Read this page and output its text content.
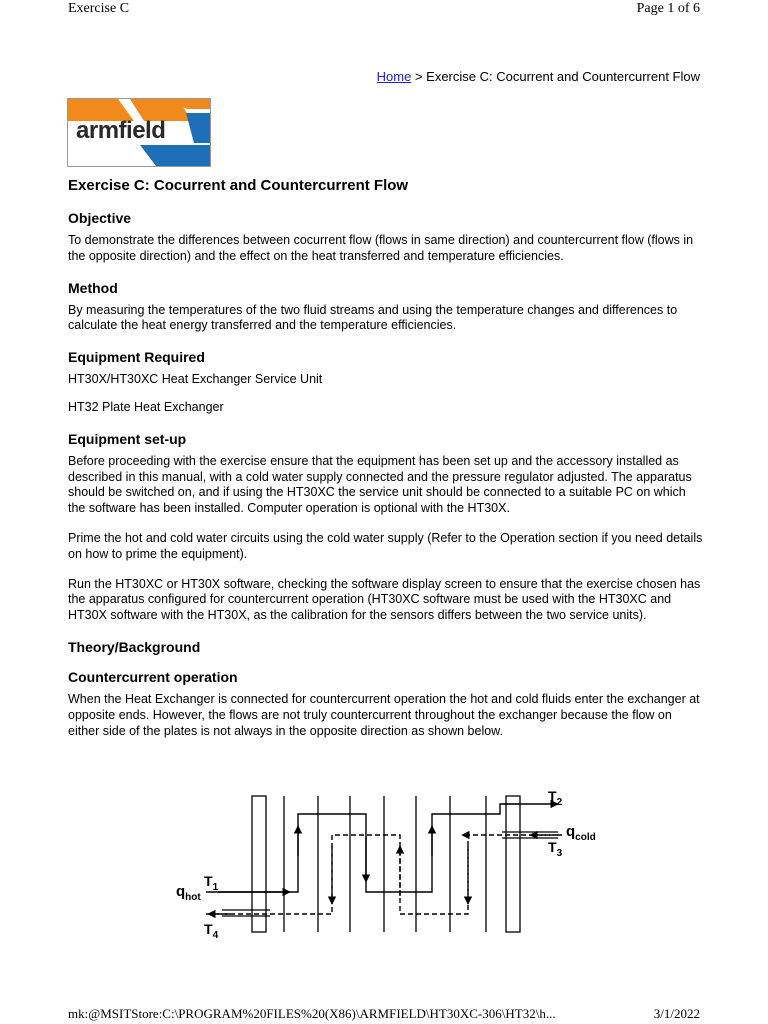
Exercise C	Page 1 of 6
Home > Exercise C: Cocurrent and Countercurrent Flow
armfield
Exercise C: Cocurrent and Countercurrent Flow
Objective

To demonstrate the differences between cocurrent flow (flows in same direction) and countercurrent flow (flows in the opposite direction) and the effect on the heat transferred and temperature efficiencies.

Method

By measuring the temperatures of the two fluid streams and using the temperature changes and differences to calculate the heat energy transferred and the temperature efficiencies.

Equipment Required

HT30X/HT30XC Heat Exchanger Service Unit

HT32 Plate Heat Exchanger

Equipment set-up

Before proceeding with the exercise ensure that the equipment has been set up and the accessory installed as described in this manual, with a cold water supply connected and the pressure regulator adjusted. The apparatus should be switched on, and if using the HT30XC the service unit should be connected to a suitable PC on which the software has been installed. Computer operation is optional with the HT30X.

Prime the hot and cold water circuits using the cold water supply (Refer to the Operation section if you need details on how to prime the equipment).

Run the HT30XC or HT30X software, checking the software display screen to ensure that the exercise chosen has the apparatus configured for countercurrent operation (HT30XC software must be used with the HT30XC and HT30X software with the HT30X, as the calibration for the sensors differs between the two service units).

Theory/Background
Countercurrent operation

When the Heat Exchanger is connected for countercurrent operation the hot and cold fluids enter the exchanger at opposite ends. However, the flows are not truly countercurrent throughout the exchanger because the flow on either side of the plates is not always in the opposite direction as shown below.

$q_{hot}$
$T_1$
$T_4$
$T_2$
$T_3$
$q_{cold}$
mk:@MSITStore:C:\PROGRAM%20FILES%20(X86)\ARMFIELD\HT30XC-306\HT32\h...	3/1/2022
